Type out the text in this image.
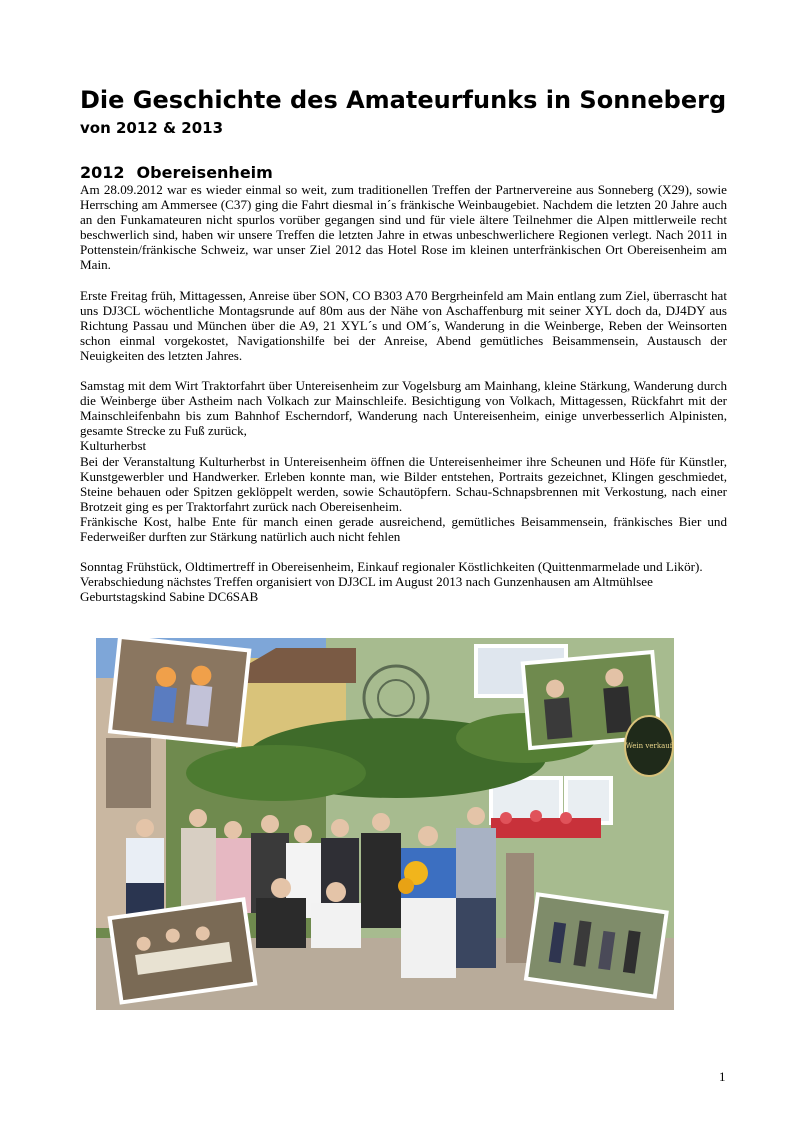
Die Geschichte des Amateurfunks in Sonneberg
von 2012 & 2013
2012 Obereisenheim

Am 28.09.2012 war es wieder einmal so weit, zum traditionellen Treffen der Partnervereine aus Sonneberg (X29), sowie Herrsching am Ammersee (C37) ging die Fahrt diesmal in´s fränkische Weinbaugebiet. Nachdem die letzten 20 Jahre auch an den Funkamateuren nicht spurlos vorüber gegangen sind und für viele ältere Teilnehmer die Alpen mittlerweile recht beschwerlich sind, haben wir unsere Treffen die letzten Jahre in etwas unbeschwerlichere Regionen verlegt. Nach 2011 in Pottenstein/fränkische Schweiz, war unser Ziel 2012 das Hotel Rose im kleinen unterfränkischen Ort Obereisenheim am Main.

Erste Freitag früh, Mittagessen, Anreise über SON, CO B303 A70 Bergrheinfeld am Main entlang zum Ziel, überrascht hat uns DJ3CL wöchentliche Montagsrunde auf 80m aus der Nähe von Aschaffenburg mit seiner XYL doch da, DJ4DY aus Richtung Passau und München über die A9, 21 XYL´s und OM´s, Wanderung in die Weinberge, Reben der Weinsorten schon einmal vorgekostet, Navigationshilfe bei der Anreise, Abend gemütliches Beisammensein, Austausch der Neuigkeiten des letzten Jahres.

Samstag mit dem Wirt Traktorfahrt über Untereisenheim zur Vogelsburg am Mainhang, kleine Stärkung, Wanderung durch die Weinberge über Astheim nach Volkach zur Mainschleife. Besichtigung von Volkach, Mittagessen, Rückfahrt mit der Mainschleifenbahn bis zum Bahnhof Escherndorf, Wanderung nach Untereisenheim, einige unverbesserlich Alpinisten, gesamte Strecke zu Fuß zurück,

Kulturherbst

Bei der Veranstaltung Kulturherbst in Untereisenheim öffnen die Untereisenheimer ihre Scheunen und Höfe für Künstler, Kunstgewerbler und Handwerker. Erleben konnte man, wie Bilder entstehen, Portraits gezeichnet, Klingen geschmiedet, Steine behauen oder Spitzen geklöppelt werden, sowie Schautöpfern. Schau-Schnapsbrennen mit Verkostung, nach einer Brotzeit ging es per Traktorfahrt zurück nach Obereisenheim.

Fränkische Kost, halbe Ente für manch einen gerade ausreichend, gemütliches Beisammensein, fränkisches Bier und Federweißer durften zur Stärkung natürlich auch nicht fehlen

Sonntag Frühstück, Oldtimertreff in Obereisenheim, Einkauf regionaler Köstlichkeiten (Quittenmarmelade und Likör).

Verabschiedung nächstes Treffen organisiert von DJ3CL im August 2013 nach Gunzenhausen am Altmühlsee

Geburtstagskind Sabine DC6SAB

Wein verkauf
1
